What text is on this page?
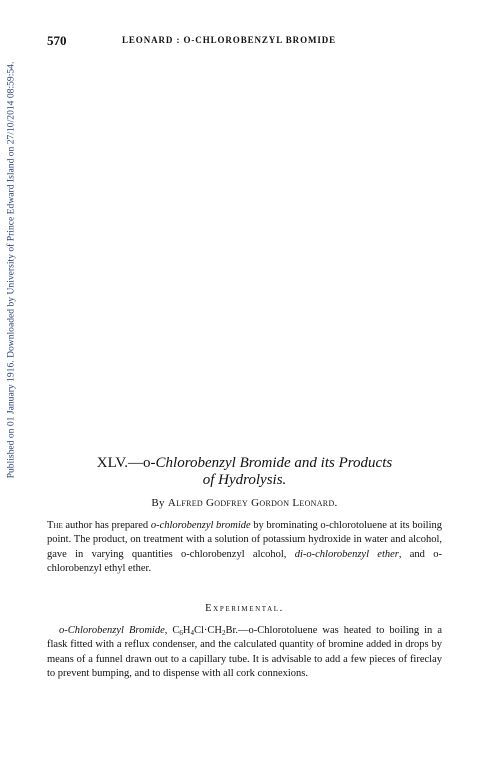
Published on 01 January 1916. Downloaded by University of Prince Edward Island on 27/10/2014 08:59:54.
570	LEONARD : O-CHLOROBENZYL BROMIDE
XLV.—o-Chlorobenzyl Bromide and its Products
of Hydrolysis.
By Alfred Godfrey Gordon Leonard.
The author has prepared o-chlorobenzyl bromide by brominating o-chlorotoluene at its boiling point. The product, on treatment with a solution of potassium hydroxide in water and alcohol, gave in varying quantities o-chlorobenzyl alcohol, di-o-chlorobenzyl ether, and o-chlorobenzyl ethyl ether.
Experimental.
o-Chlorobenzyl Bromide, $C_6H_4Cl\cdot CH_2Br.—o$-Chlorotoluene was heated to boiling in a flask fitted with a reflux condenser, and the calculated quantity of bromine added in drops by means of a funnel drawn out to a capillary tube. It is advisable to add a few pieces of fireclay to prevent bumping, and to dispense with all cork connexions.
